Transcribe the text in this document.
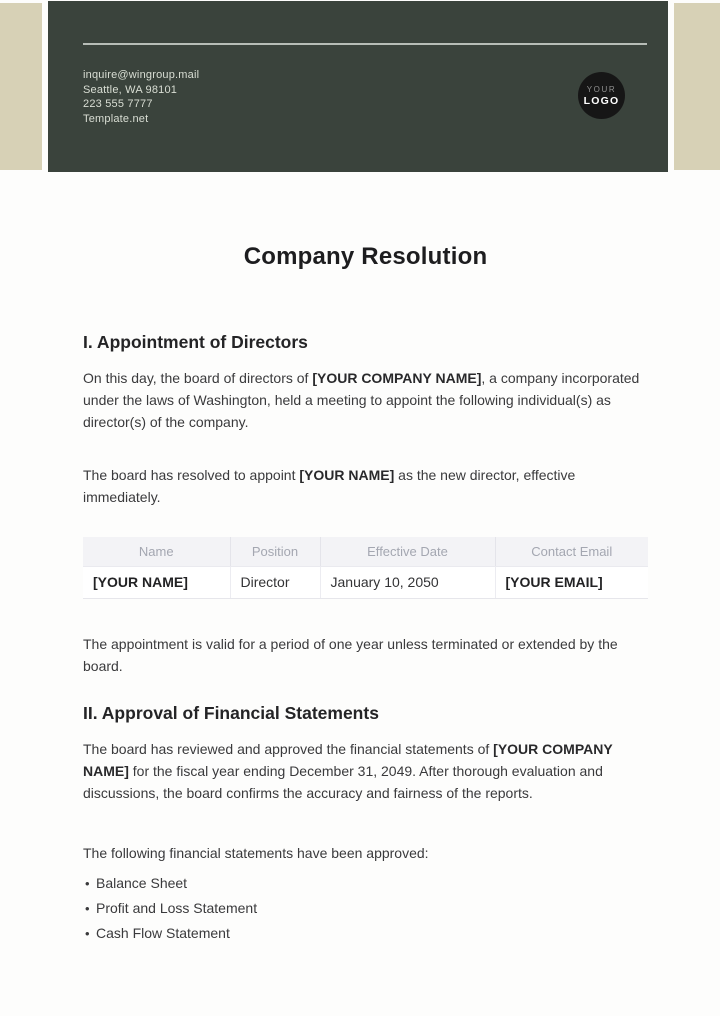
inquire@wingroup.mail
Seattle, WA 98101
223 555 7777
Template.net
YOUR
LOGO
Company Resolution
I. Appointment of Directors

On this day, the board of directors of [YOUR COMPANY NAME], a company incorporated under the laws of Washington, held a meeting to appoint the following individual(s) as director(s) of the company.

The board has resolved to appoint [YOUR NAME] as the new director, effective immediately.

Name	Position	Effective Date	Contact Email
[YOUR NAME]	Director	January 10, 2050	[YOUR EMAIL]

The appointment is valid for a period of one year unless terminated or extended by the board.

II. Approval of Financial Statements

The board has reviewed and approved the financial statements of [YOUR COMPANY NAME] for the fiscal year ending December 31, 2049. After thorough evaluation and discussions, the board confirms the accuracy and fairness of the reports.

The following financial statements have been approved:

• Balance Sheet
• Profit and Loss Statement
• Cash Flow Statement
